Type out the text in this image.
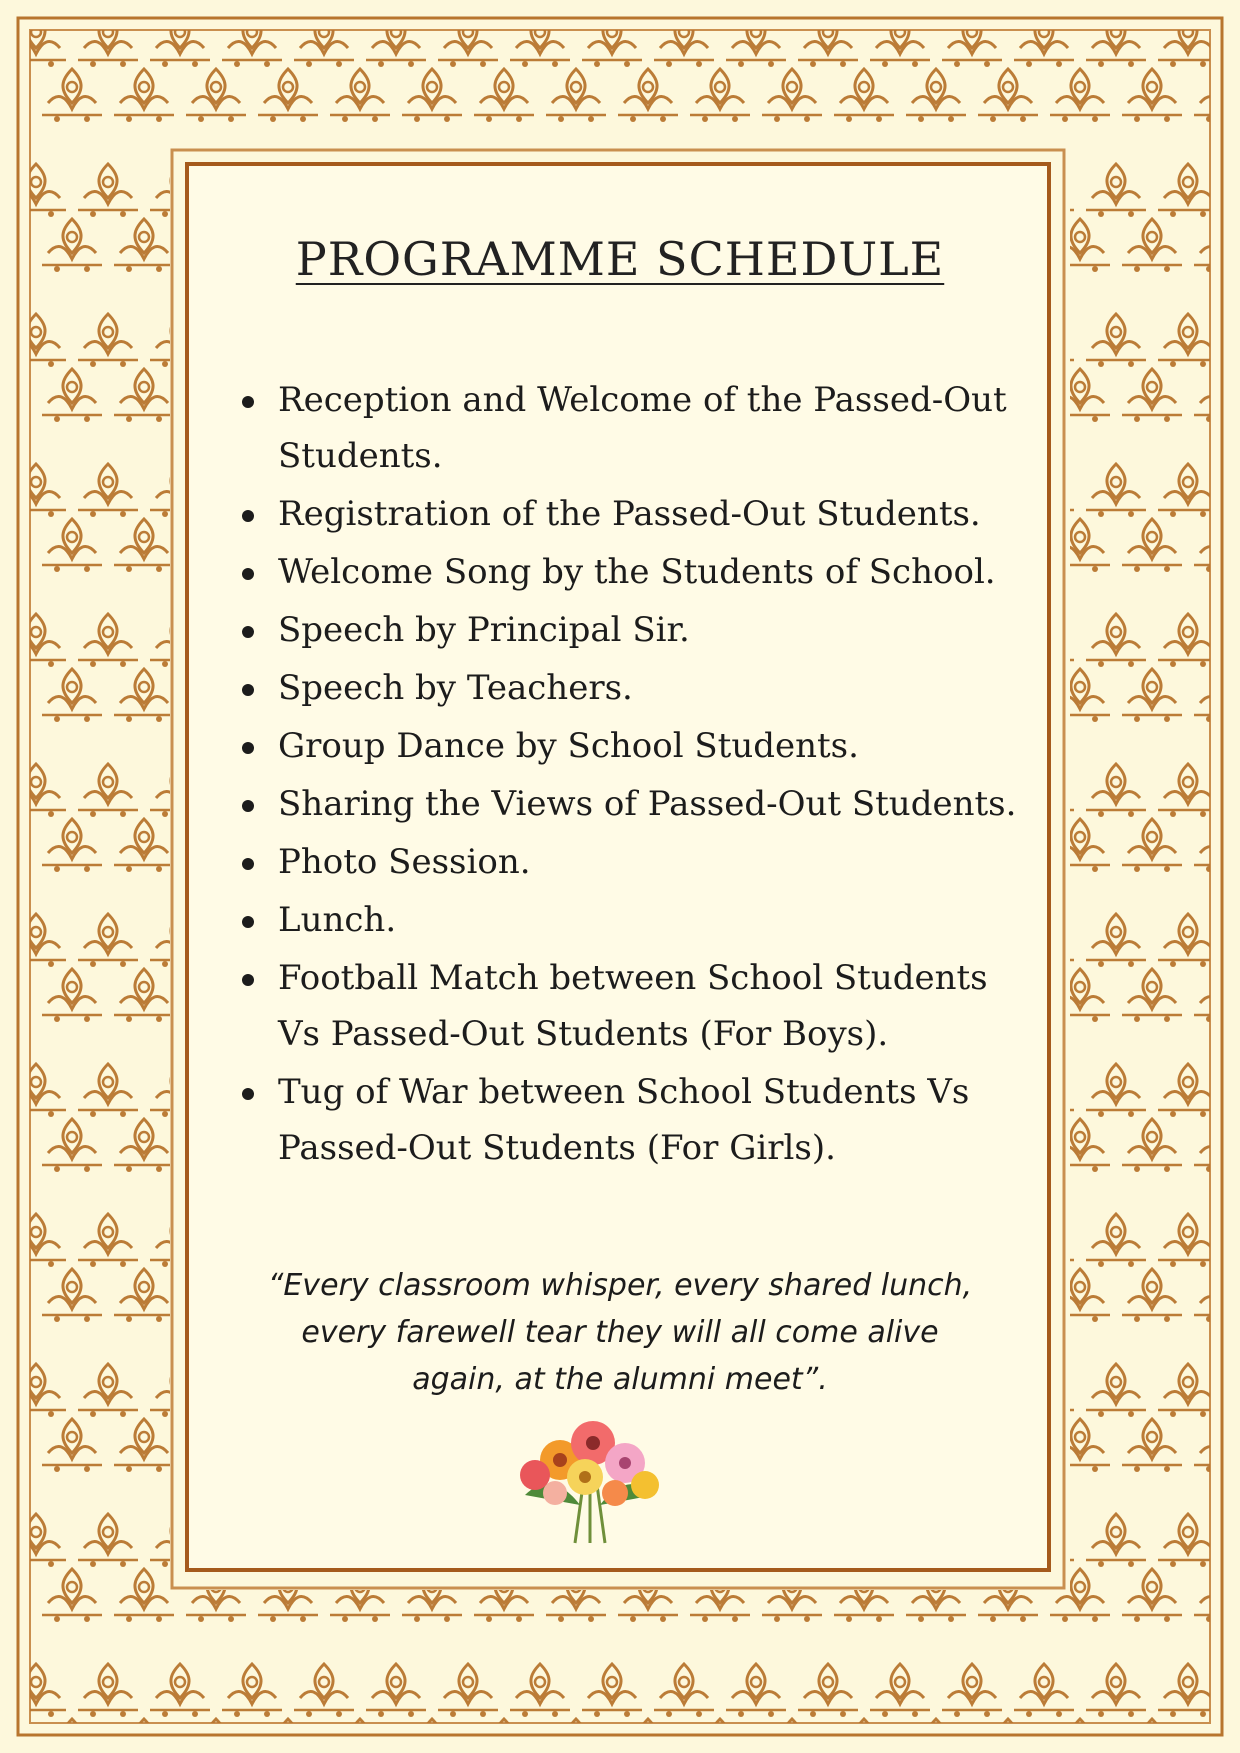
PROGRAMME SCHEDULE
Reception and Welcome of the Passed-Out Students.
Registration of the Passed-Out Students.
Welcome Song by the Students of School.
Speech by Principal Sir.
Speech by Teachers.
Group Dance by School Students.
Sharing the Views of Passed-Out Students.
Photo Session.
Lunch.
Football Match between School Students Vs Passed-Out Students (For Boys).
Tug of War between School Students Vs Passed-Out Students (For Girls).
“Every classroom whisper, every shared lunch,
every farewell tear they will all come alive
again, at the alumni meet”.
